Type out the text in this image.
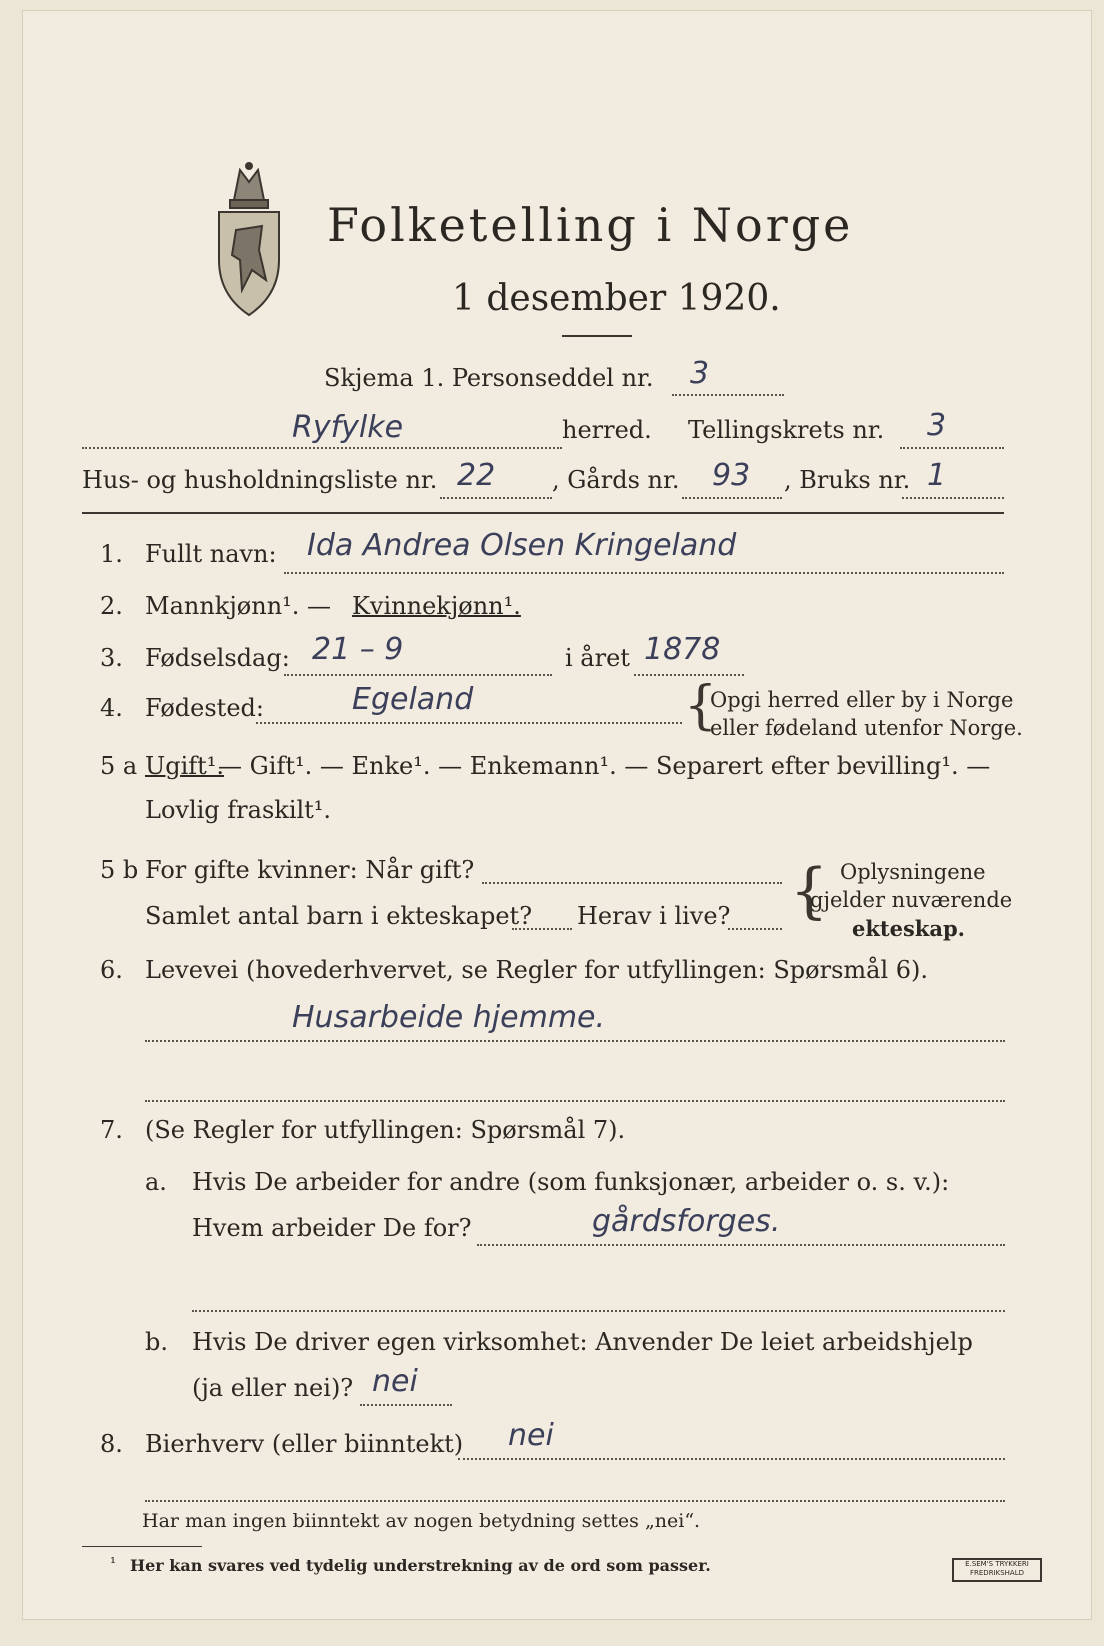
Folketelling i Norge
1 desember 1920.
Skjema 1. Personseddel nr. 3
Ryfylke	herred. Tellingskrets nr. 3
Hus- og husholdningsliste nr. 22 , Gårds nr. 93 , Bruks nr. 1
1. Fullt navn: Ida Andrea Olsen Kringeland
2. Mannkjønn¹. — Kvinnekjønn¹.
3. Fødselsdag: 21 – 9	i året 1878
4. Fødested:	Egeland	{
Opgi herred eller by i Norge
eller fødeland utenfor Norge.
5 a Ugift¹.
— Gift¹. — Enke¹. — Enkemann¹. — Separert efter bevilling¹. —
Lovlig fraskilt¹.
5 b For gifte kvinner: Når gift?
Samlet antal barn i ekteskapet? Herav i live? { Oplysningene
gjelder nuværende
ekteskap.
6. Levevei (hovederhvervet, se Regler for utfyllingen: Spørsmål 6).
Husarbeide hjemme.
7. (Se Regler for utfyllingen: Spørsmål 7).
a. Hvis De arbeider for andre (som funksjonær, arbeider o. s. v.):
Hvem arbeider De for?	gårdsforges.
b. Hvis De driver egen virksomhet: Anvender De leiet arbeidshjelp
(ja eller nei)? nei
8. Bierhverv (eller biinntekt) nei
Har man ingen biinntekt av nogen betydning settes „nei“.
¹ Her kan svares ved tydelig understrekning av de ord som passer.	E.SEM'S TRYKKERI FREDRIKSHALD
